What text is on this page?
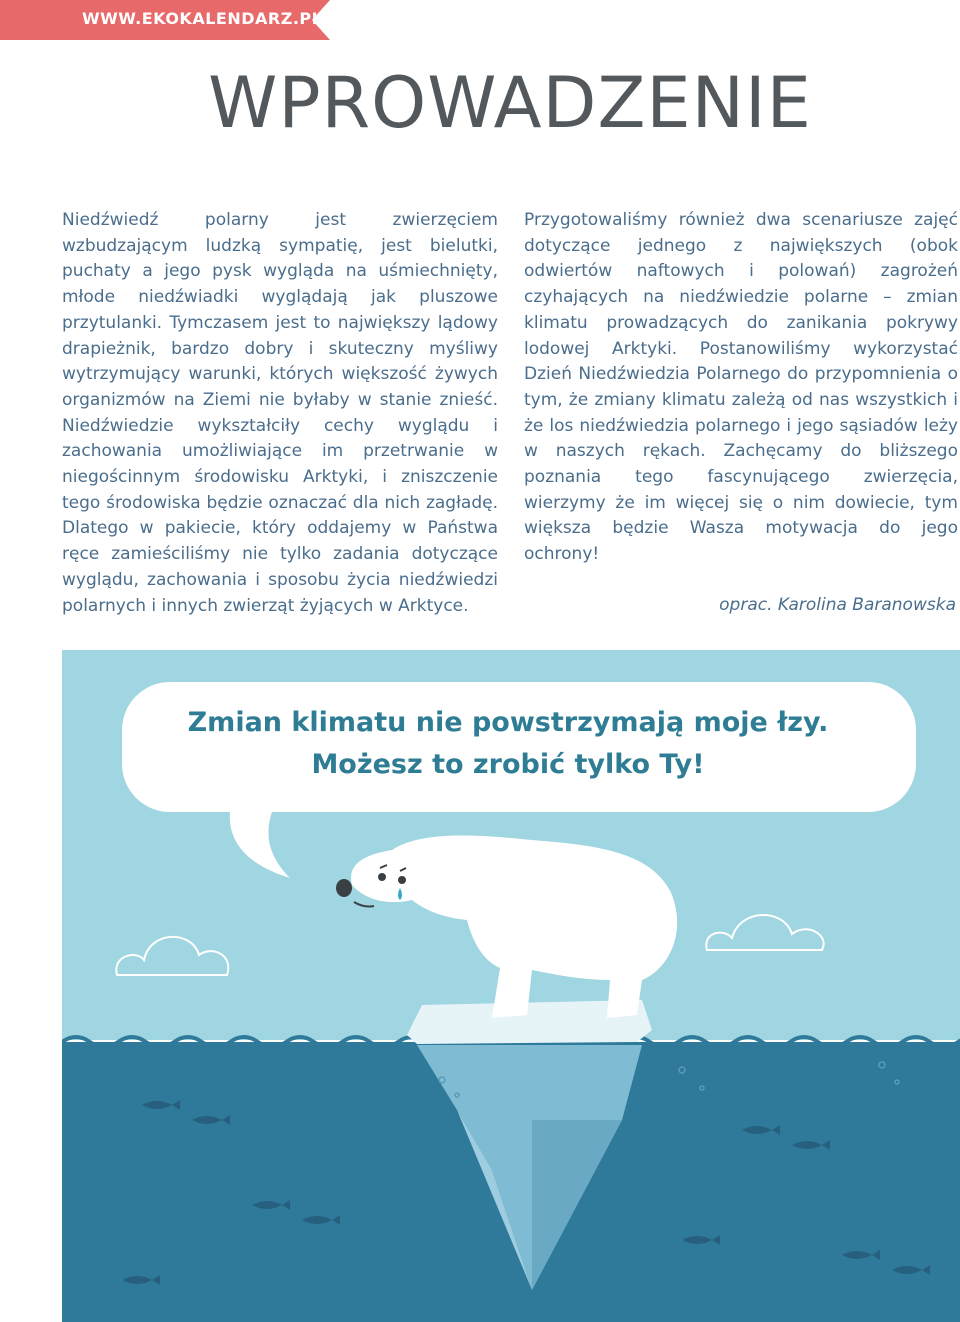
WWW.EKOKALENDARZ.PL
WPROWADZENIE

Niedźwiedź polarny jest zwierzęciem wzbudzającym ludzką sympatię, jest bielutki, puchaty a jego pysk wygląda na uśmiechnięty, młode niedźwiadki wyglądają jak pluszowe przytulanki. Tymczasem jest to największy lądowy drapieżnik, bardzo dobry i skuteczny myśliwy wytrzymujący warunki, których większość żywych organizmów na Ziemi nie byłaby w stanie znieść. Niedźwiedzie wykształciły cechy wyglądu i zachowania umożliwiające im przetrwanie w niegościnnym środowisku Arktyki, i zniszczenie tego środowiska będzie oznaczać dla nich zagładę. Dlatego w pakiecie, który oddajemy w Państwa ręce zamieściliśmy nie tylko zadania dotyczące wyglądu, zachowania i sposobu życia niedźwiedzi polarnych i innych zwierząt żyjących w Arktyce.

Przygotowaliśmy również dwa scenariusze zajęć dotyczące jednego z największych (obok odwiertów naftowych i polowań) zagrożeń czyhających na niedźwiedzie polarne – zmian klimatu prowadzących do zanikania pokrywy lodowej Arktyki. Postanowiliśmy wykorzystać Dzień Niedźwiedzia Polarnego do przypomnienia o tym, że zmiany klimatu zależą od nas wszystkich i że los niedźwiedzia polarnego i jego sąsiadów leży w naszych rękach. Zachęcamy do bliższego poznania tego fascynującego zwierzęcia, wierzymy że im więcej się o nim dowiecie, tym większa będzie Wasza motywacja do jego ochrony!

oprac. Karolina Baranowska
Zmian klimatu nie powstrzymają moje łzy.
Możesz to zrobić tylko Ty!
